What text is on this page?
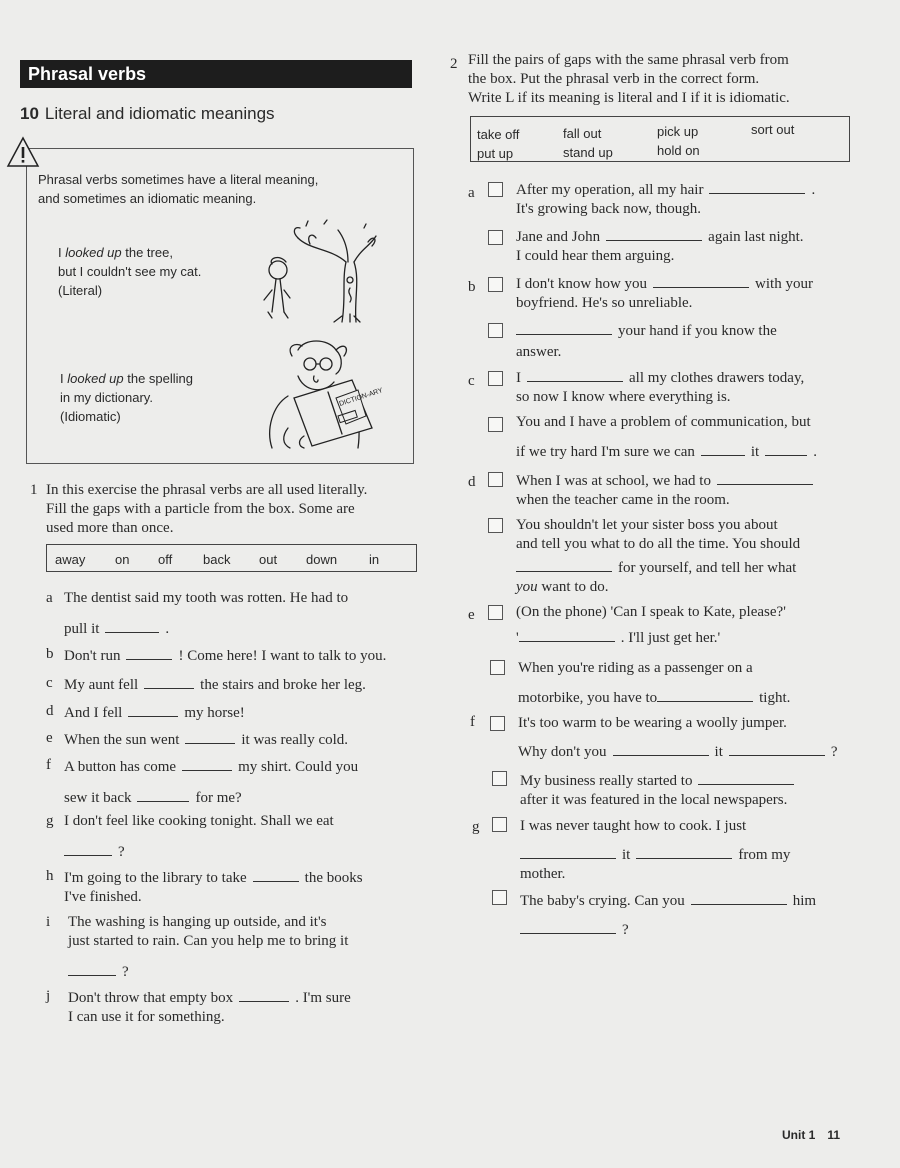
Phrasal verbs
10 Literal and idiomatic meanings
Phrasal verbs sometimes have a literal meaning,
and sometimes an idiomatic meaning.
I looked up the tree,
but I couldn't see my cat.
(Literal)
I looked up the spelling
in my dictionary.
(Idiomatic)
DICTION-ARY
1 In this exercise the phrasal verbs are all used literally.
Fill the gaps with a particle from the box. Some are
used more than once.
away on off back out down in
a The dentist said my tooth was rotten. He had to
pull it	.
b Don't run	! Come here! I want to talk to you.
c My aunt fell	the stairs and broke her leg.
d And I fell	my horse!
e When the sun went	it was really cold.
f A button has come	my shirt. Could you
sew it back	for me?
g I don't feel like cooking tonight. Shall we eat
?
h I'm going to the library to take	the books
I've finished.
i The washing is hanging up outside, and it's
just started to rain. Can you help me to bring it
?
j Don't throw that empty box	. I'm sure
I can use it for something.
2 Fill the pairs of gaps with the same phrasal verb from
the box. Put the phrasal verb in the correct form.
Write L if its meaning is literal and I if it is idiomatic.
take off	fall out	pick up	sort out
put up	stand up	hold on
a	After my operation, all my hair	.
It's growing back now, though.
Jane and John	again last night.
I could hear them arguing.
b	I don't know how you	with your
boyfriend. He's so unreliable.
your hand if you know the
answer.
c	I	all my clothes drawers today,
so now I know where everything is.
You and I have a problem of communication, but
if we try hard I'm sure we can	it	.
d	When I was at school, we had to
when the teacher came in the room.
You shouldn't let your sister boss you about
and tell you what to do all the time. You should
for yourself, and tell her what
you want to do.
e	(On the phone) 'Can I speak to Kate, please?'
'	. I'll just get her.'
When you're riding as a passenger on a
motorbike, you have to	tight.
f	It's too warm to be wearing a woolly jumper.
Why don't you	it	?
My business really started to
after it was featured in the local newspapers.
g	I was never taught how to cook. I just
it	from my
mother.
The baby's crying. Can you	him
?
Unit 1 11
